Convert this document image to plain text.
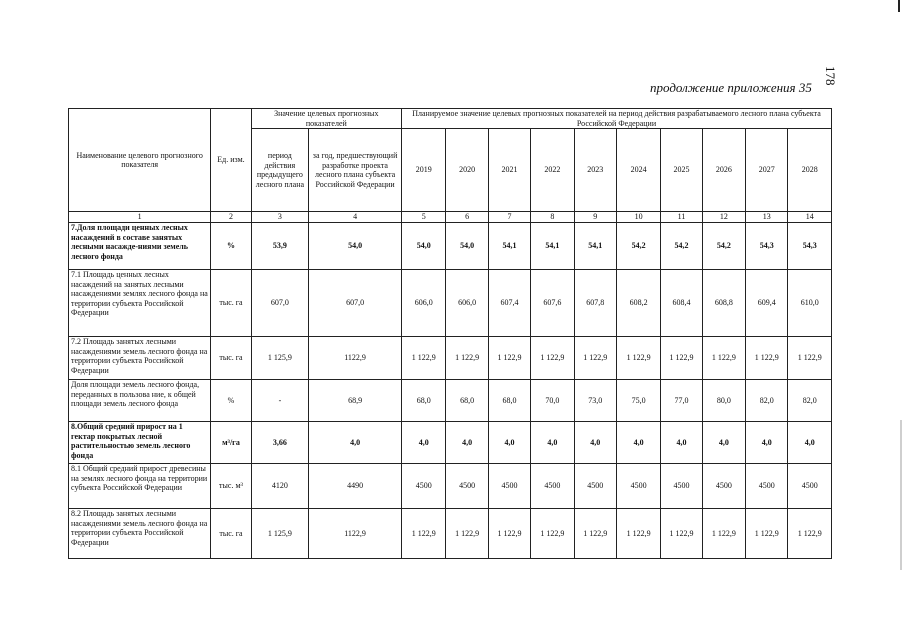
178
продолжение приложения 35
Наименование целевого прогнозного показателя	Ед. изм.	Значение целевых прогнозных показателей		Планируемое значение целевых прогнозных показателей на период действия разрабатываемого лесного плана субъекта Российской Федерации									
		период действия предыдущего лесного плана	за год, предшествующий разработке проекта лесного плана субъекта Российской Федерации	2019	2020	2021	2022	2023	2024	2025	2026	2027	2028
1	2	3	4	5	6	7	8	9	10	11	12	13	14
7.Доля площади ценных лесных насаждений в составе занятых лесными насажде-ниями земель лесного фонда	%	53,9	54,0	54,0	54,0	54,1	54,1	54,1	54,2	54,2	54,2	54,3	54,3
7.1 Площадь ценных лесных насаждений на занятых лесными насаждениями землях лесного фонда на территории субъекта Российской Федерации	тыс. га	607,0	607,0	606,0	606,0	607,4	607,6	607,8	608,2	608,4	608,8	609,4	610,0
7.2 Площадь занятых лесными насаждениями земель лесного фонда на территории субъекта Российской Федерации	тыс. га	1 125,9	1122,9	1 122,9	1 122,9	1 122,9	1 122,9	1 122,9	1 122,9	1 122,9	1 122,9	1 122,9	1 122,9
Доля площади земель лесного фонда, переданных в пользова ние, к общей площади земель лесного фонда	%	-	68,9	68,0	68,0	68,0	70,0	73,0	75,0	77,0	80,0	82,0	82,0
8.Общий средний прирост на 1 гектар покрытых лесной растительностью земель лесного фонда	м³/га	3,66	4,0	4,0	4,0	4,0	4,0	4,0	4,0	4,0	4,0	4,0	4,0
8.1 Общий средний прирост древесины на землях лесного фонда на территории субъекта Российской Федерации	тыс. м³	4120	4490	4500	4500	4500	4500	4500	4500	4500	4500	4500	4500
8.2 Площадь занятых лесными насаждениями земель лесного фонда на территории субъекта Российской Федерации	тыс. га	1 125,9	1122,9	1 122,9	1 122,9	1 122,9	1 122,9	1 122,9	1 122,9	1 122,9	1 122,9	1 122,9	1 122,9
